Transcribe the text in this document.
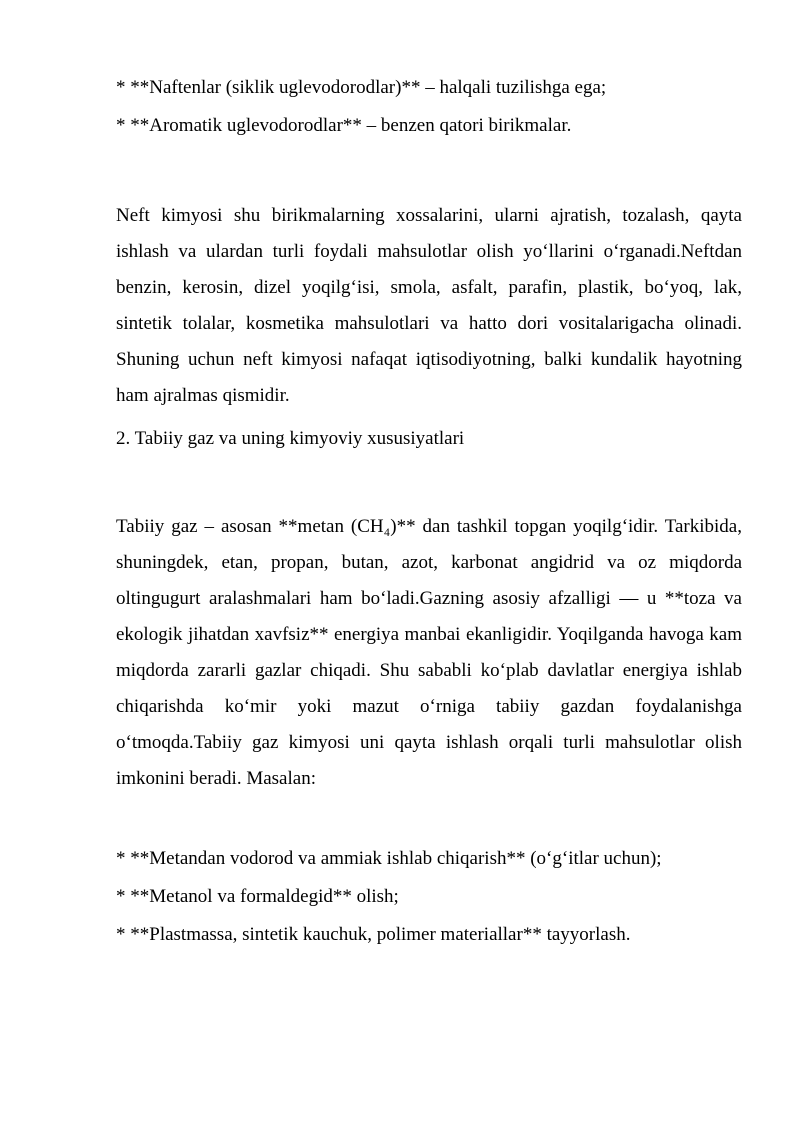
* **Naftenlar (siklik uglevodorodlar)** – halqali tuzilishga ega;

* **Aromatik uglevodorodlar** – benzen qatori birikmalar.

Neft kimyosi shu birikmalarning xossalarini, ularni ajratish, tozalash, qayta ishlash va ulardan turli foydali mahsulotlar olish yo‘llarini o‘rganadi.Neftdan benzin, kerosin, dizel yoqilg‘isi, smola, asfalt, parafin, plastik, bo‘yoq, lak, sintetik tolalar, kosmetika mahsulotlari va hatto dori vositalarigacha olinadi. Shuning uchun neft kimyosi nafaqat iqtisodiyotning, balki kundalik hayotning ham ajralmas qismidir.

2. Tabiiy gaz va uning kimyoviy xususiyatlari

Tabiiy gaz – asosan **metan (CH₄)** dan tashkil topgan yoqilg‘idir. Tarkibida, shuningdek, etan, propan, butan, azot, karbonat angidrid va oz miqdorda oltingugurt aralashmalari ham bo‘ladi.Gazning asosiy afzalligi — u **toza va ekologik jihatdan xavfsiz** energiya manbai ekanligidir. Yoqilganda havoga kam miqdorda zararli gazlar chiqadi. Shu sababli ko‘plab davlatlar energiya ishlab chiqarishda ko‘mir yoki mazut o‘rniga tabiiy gazdan foydalanishga o‘tmoqda.Tabiiy gaz kimyosi uni qayta ishlash orqali turli mahsulotlar olish imkonini beradi. Masalan:

* **Metandan vodorod va ammiak ishlab chiqarish** (o‘g‘itlar uchun);

* **Metanol va formaldegid** olish;

* **Plastmassa, sintetik kauchuk, polimer materiallar** tayyorlash.
